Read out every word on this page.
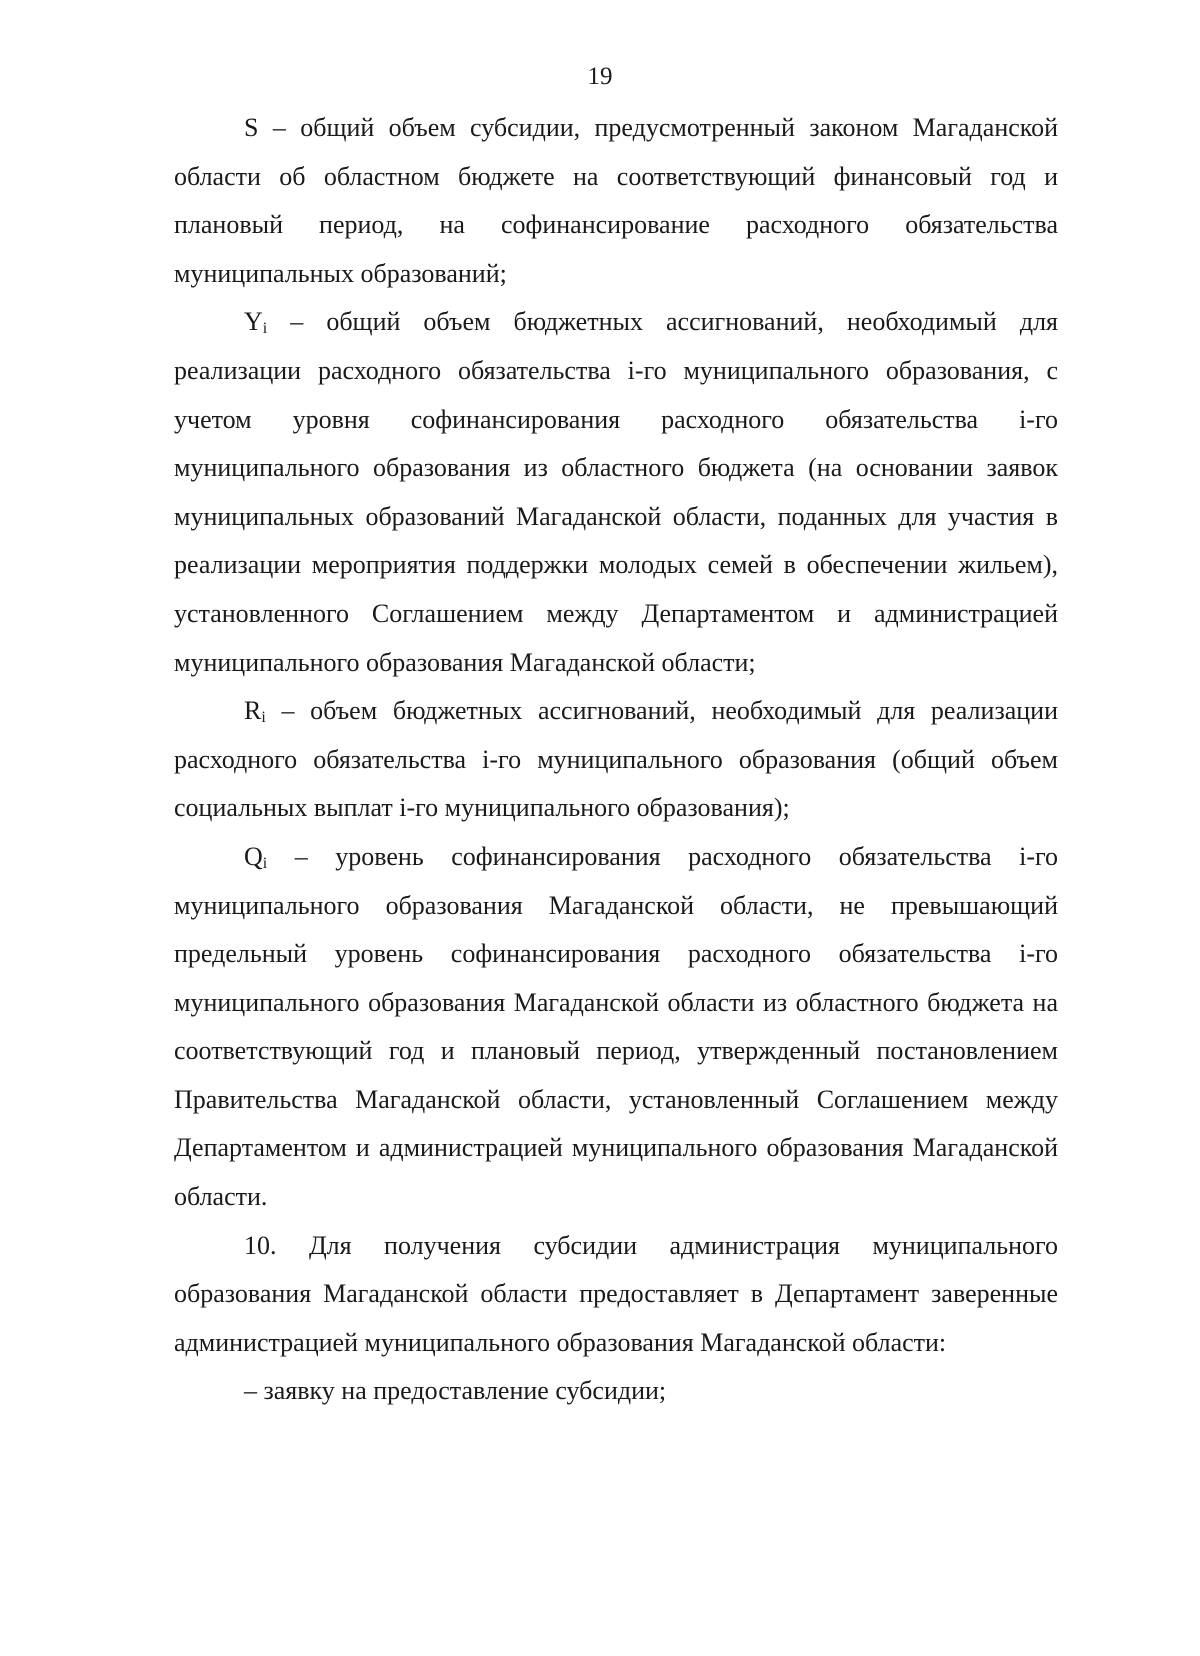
19

S – общий объем субсидии, предусмотренный законом Магаданской области об областном бюджете на соответствующий финансовый год и плановый период, на софинансирование расходного обязательства муниципальных образований;

$Y_i$ – общий объем бюджетных ассигнований, необходимый для реализации расходного обязательства i-го муниципального образования, с учетом уровня софинансирования расходного обязательства i-го муниципального образования из областного бюджета (на основании заявок муниципальных образований Магаданской области, поданных для участия в реализации мероприятия поддержки молодых семей в обеспечении жильем), установленного Соглашением между Департаментом и администрацией муниципального образования Магаданской области;

$R_i$ – объем бюджетных ассигнований, необходимый для реализации расходного обязательства i-го муниципального образования (общий объем социальных выплат i-го муниципального образования);

$Q_i$ – уровень софинансирования расходного обязательства i-го муниципального образования Магаданской области, не превышающий предельный уровень софинансирования расходного обязательства i-го муниципального образования Магаданской области из областного бюджета на соответствующий год и плановый период, утвержденный постановлением Правительства Магаданской области, установленный Соглашением между Департаментом и администрацией муниципального образования Магаданской области.

10. Для получения субсидии администрация муниципального образования Магаданской области предоставляет в Департамент заверенные администрацией муниципального образования Магаданской области:

– заявку на предоставление субсидии;
